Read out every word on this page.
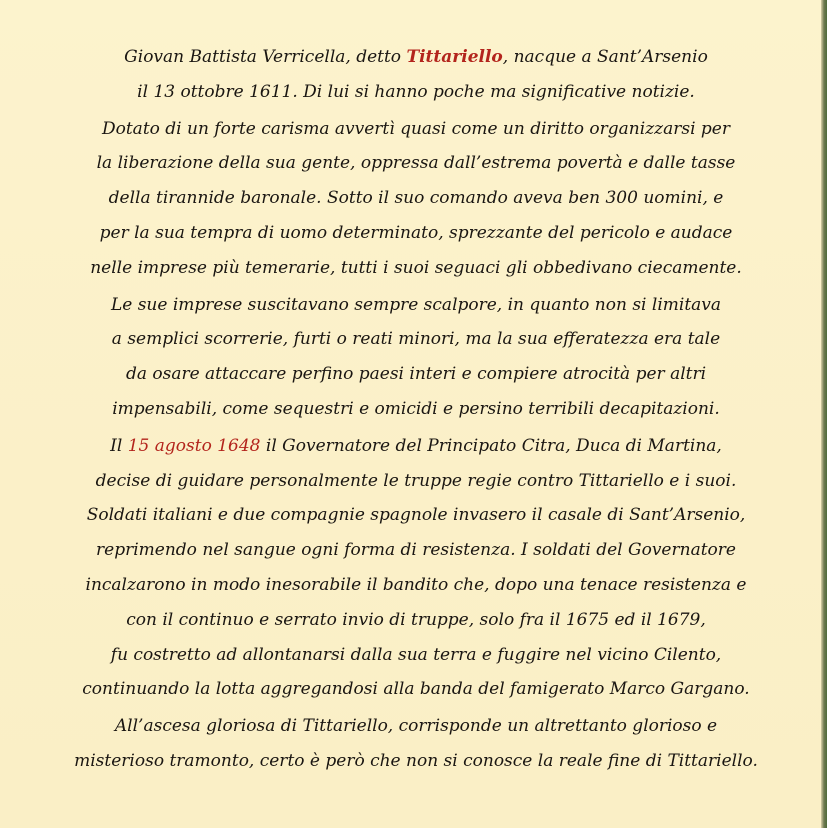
Giovan Battista Verricella, detto Tittariello, nacque a Sant’Arsenio
il 13 ottobre 1611. Di lui si hanno poche ma significative notizie.

Dotato di un forte carisma avvertì quasi come un diritto organizzarsi per
la liberazione della sua gente, oppressa dall’estrema povertà e dalle tasse
della tirannide baronale. Sotto il suo comando aveva ben 300 uomini, e
per la sua tempra di uomo determinato, sprezzante del pericolo e audace
nelle imprese più temerarie, tutti i suoi seguaci gli obbedivano ciecamente.

Le sue imprese suscitavano sempre scalpore, in quanto non si limitava
a semplici scorrerie, furti o reati minori, ma la sua efferatezza era tale
da osare attaccare perfino paesi interi e compiere atrocità per altri
impensabili, come sequestri e omicidi e persino terribili decapitazioni.

Il 15 agosto 1648 il Governatore del Principato Citra, Duca di Martina,
decise di guidare personalmente le truppe regie contro Tittariello e i suoi.
Soldati italiani e due compagnie spagnole invasero il casale di Sant’Arsenio,
reprimendo nel sangue ogni forma di resistenza. I soldati del Governatore
incalzarono in modo inesorabile il bandito che, dopo una tenace resistenza e
con il continuo e serrato invio di truppe, solo fra il 1675 ed il 1679,
fu costretto ad allontanarsi dalla sua terra e fuggire nel vicino Cilento,
continuando la lotta aggregandosi alla banda del famigerato Marco Gargano.

All’ascesa gloriosa di Tittariello, corrisponde un altrettanto glorioso e
misterioso tramonto, certo è però che non si conosce la reale fine di Tittariello.
